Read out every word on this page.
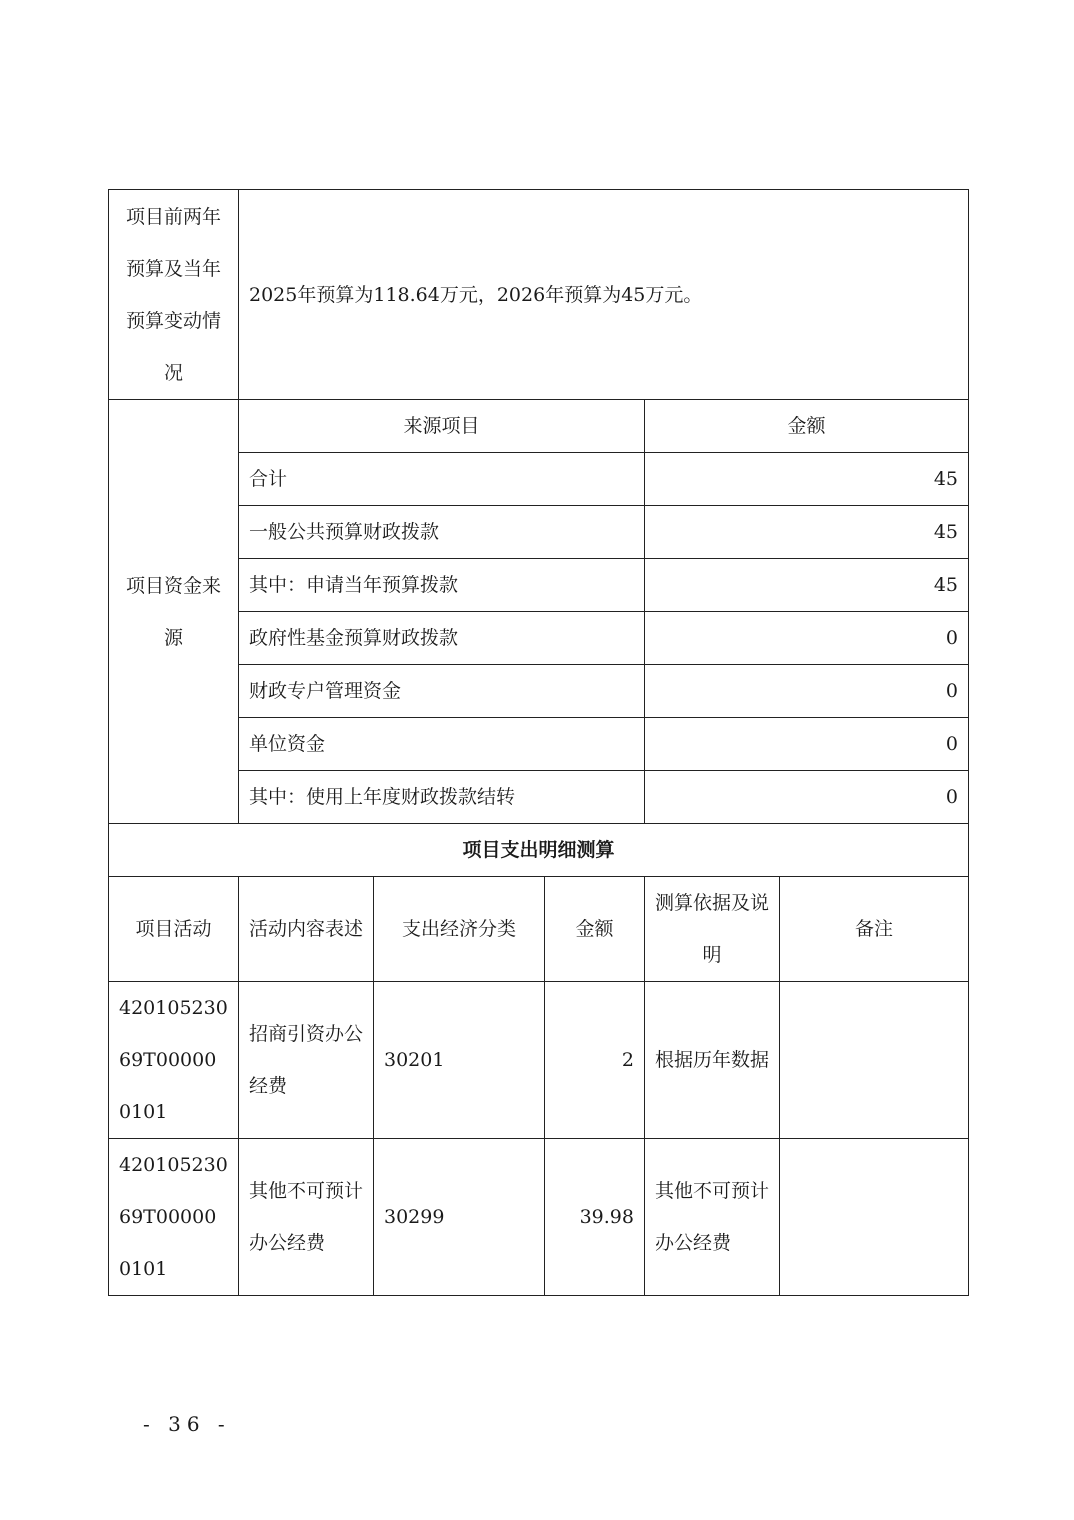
项目前两年预算及当年预算变动情况	2025年预算为118.64万元，2026年预算为45万元。				
项目资金来源	来源项目			金额	
	合计			45	
	一般公共预算财政拨款			45	
	其中：申请当年预算拨款			45	
	政府性基金预算财政拨款			0	
	财政专户管理资金			0	
	单位资金			0	
	其中：使用上年度财政拨款结转			0	
项目支出明细测算					
项目活动	活动内容表述	支出经济分类	金额	测算依据及说明	备注
42010523069T000000101	招商引资办公经费	30201	2	根据历年数据	
42010523069T000000101	其他不可预计办公经费	30299	39.98	其他不可预计办公经费	
- 36 -
